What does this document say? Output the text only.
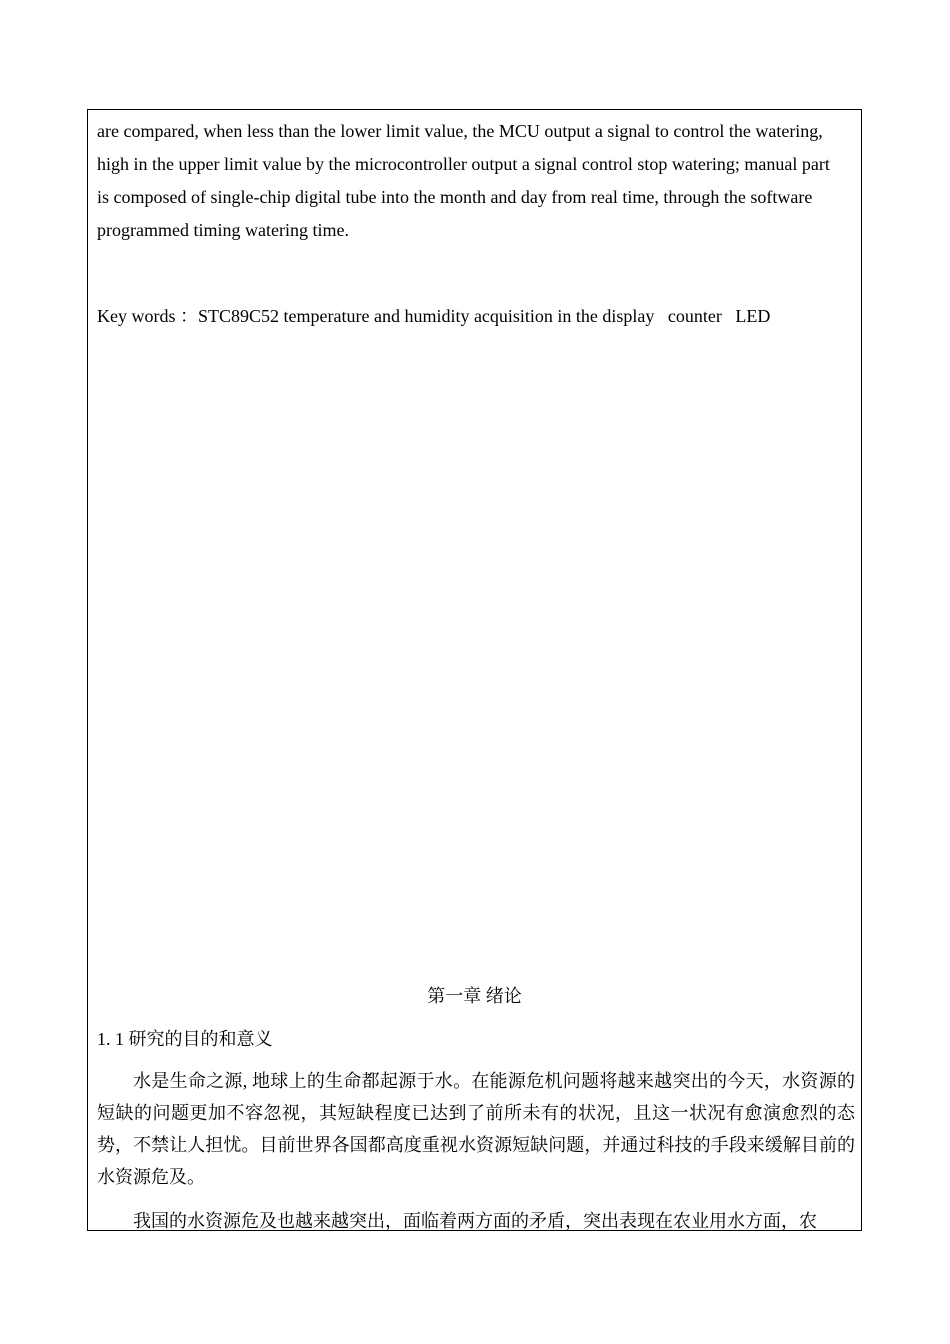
are compared, when less than the lower limit value, the MCU output a signal to control the watering, high in the upper limit value by the microcontroller output a signal control stop watering; manual part is composed of single-chip digital tube into the month and day from real time, through the software programmed timing watering time.

Key words ：STC89C52 temperature and humidity acquisition in the display   counter   LED

第一章 绪论
1. 1 研究的目的和意义

水是生命之源, 地球上的生命都起源于水。在能源危机问题将越来越突出的今天，水资源的短缺的问题更加不容忽视，其短缺程度已达到了前所未有的状况，且这一状况有愈演愈烈的态势，不禁让人担忧。目前世界各国都高度重视水资源短缺问题，并通过科技的手段来缓解目前的水资源危及。

我国的水资源危及也越来越突出，面临着两方面的矛盾，突出表现在农业用水方面，农
